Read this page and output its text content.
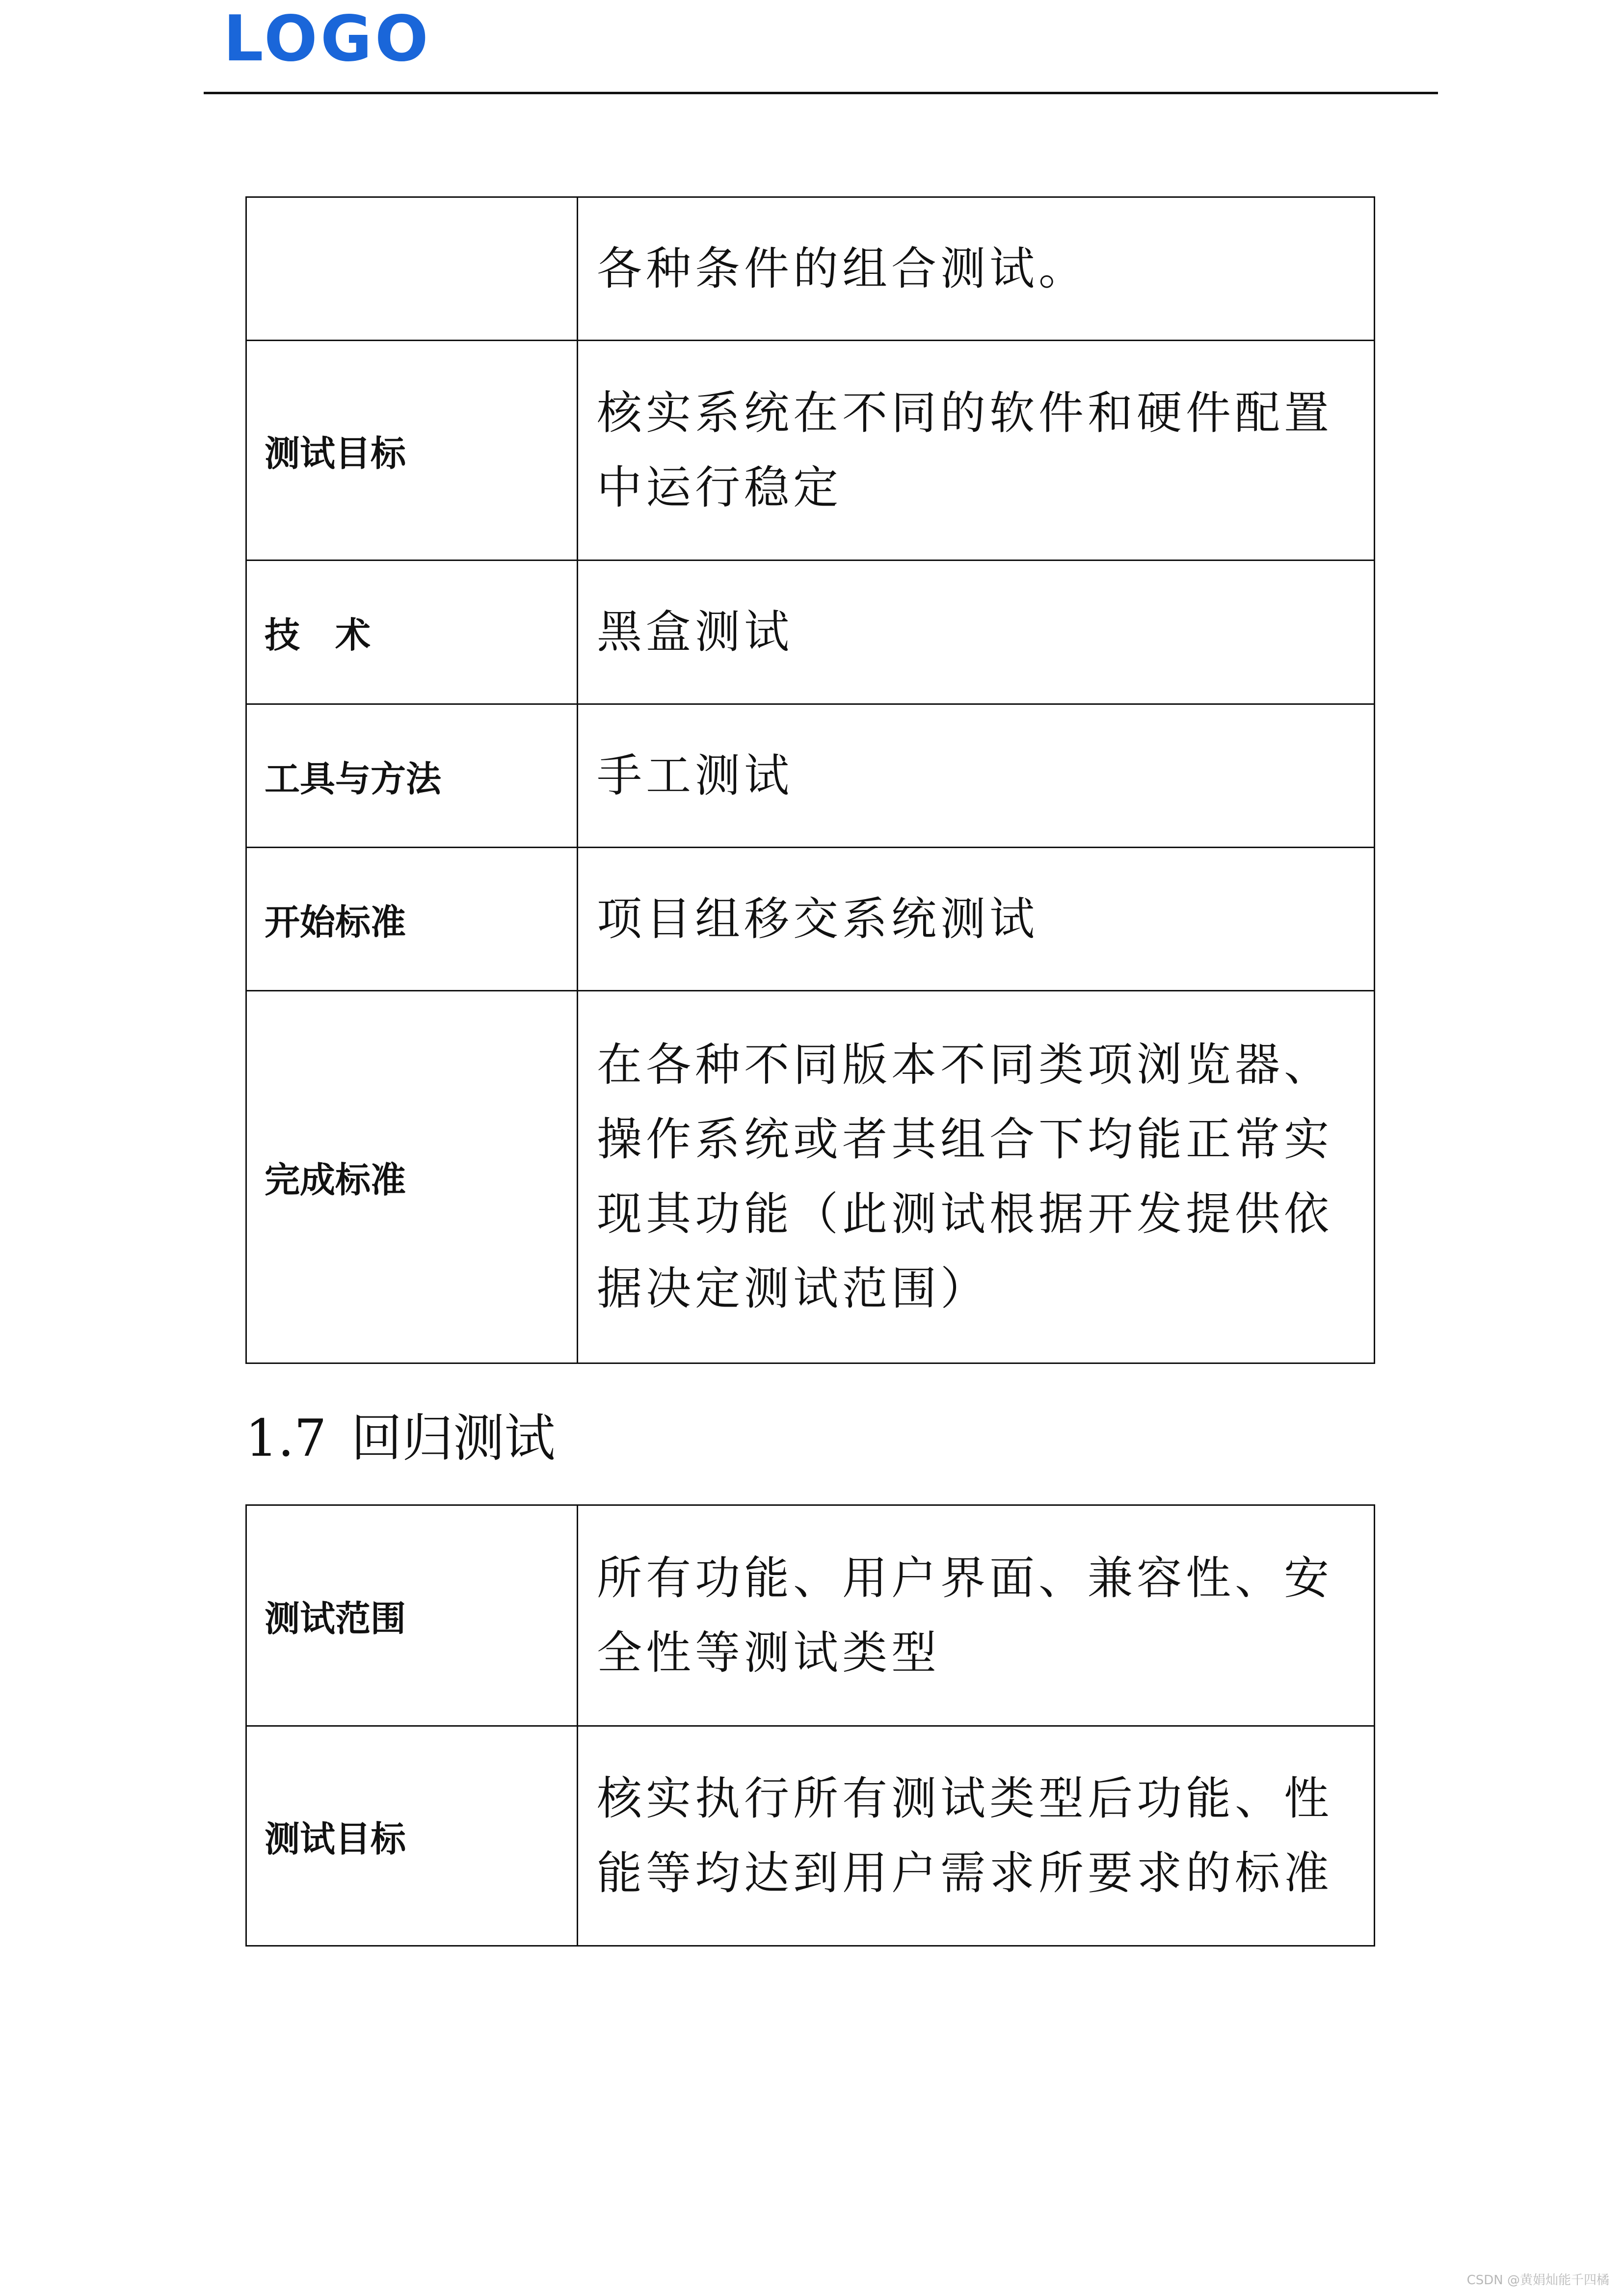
LOGO
	各种条件的组合测试。
测试目标	核实系统在不同的软件和硬件配置中运行稳定
技　术	黑盒测试
工具与方法	手工测试
开始标准	项目组移交系统测试
完成标准	在各种不同版本不同类项浏览器、操作系统或者其组合下均能正常实现其功能（此测试根据开发提供依据决定测试范围）
1.7 回归测试
测试范围	所有功能、用户界面、兼容性、安全性等测试类型
测试目标	核实执行所有测试类型后功能、性能等均达到用户需求所要求的标准
CSDN @黄娟灿能千四橘
